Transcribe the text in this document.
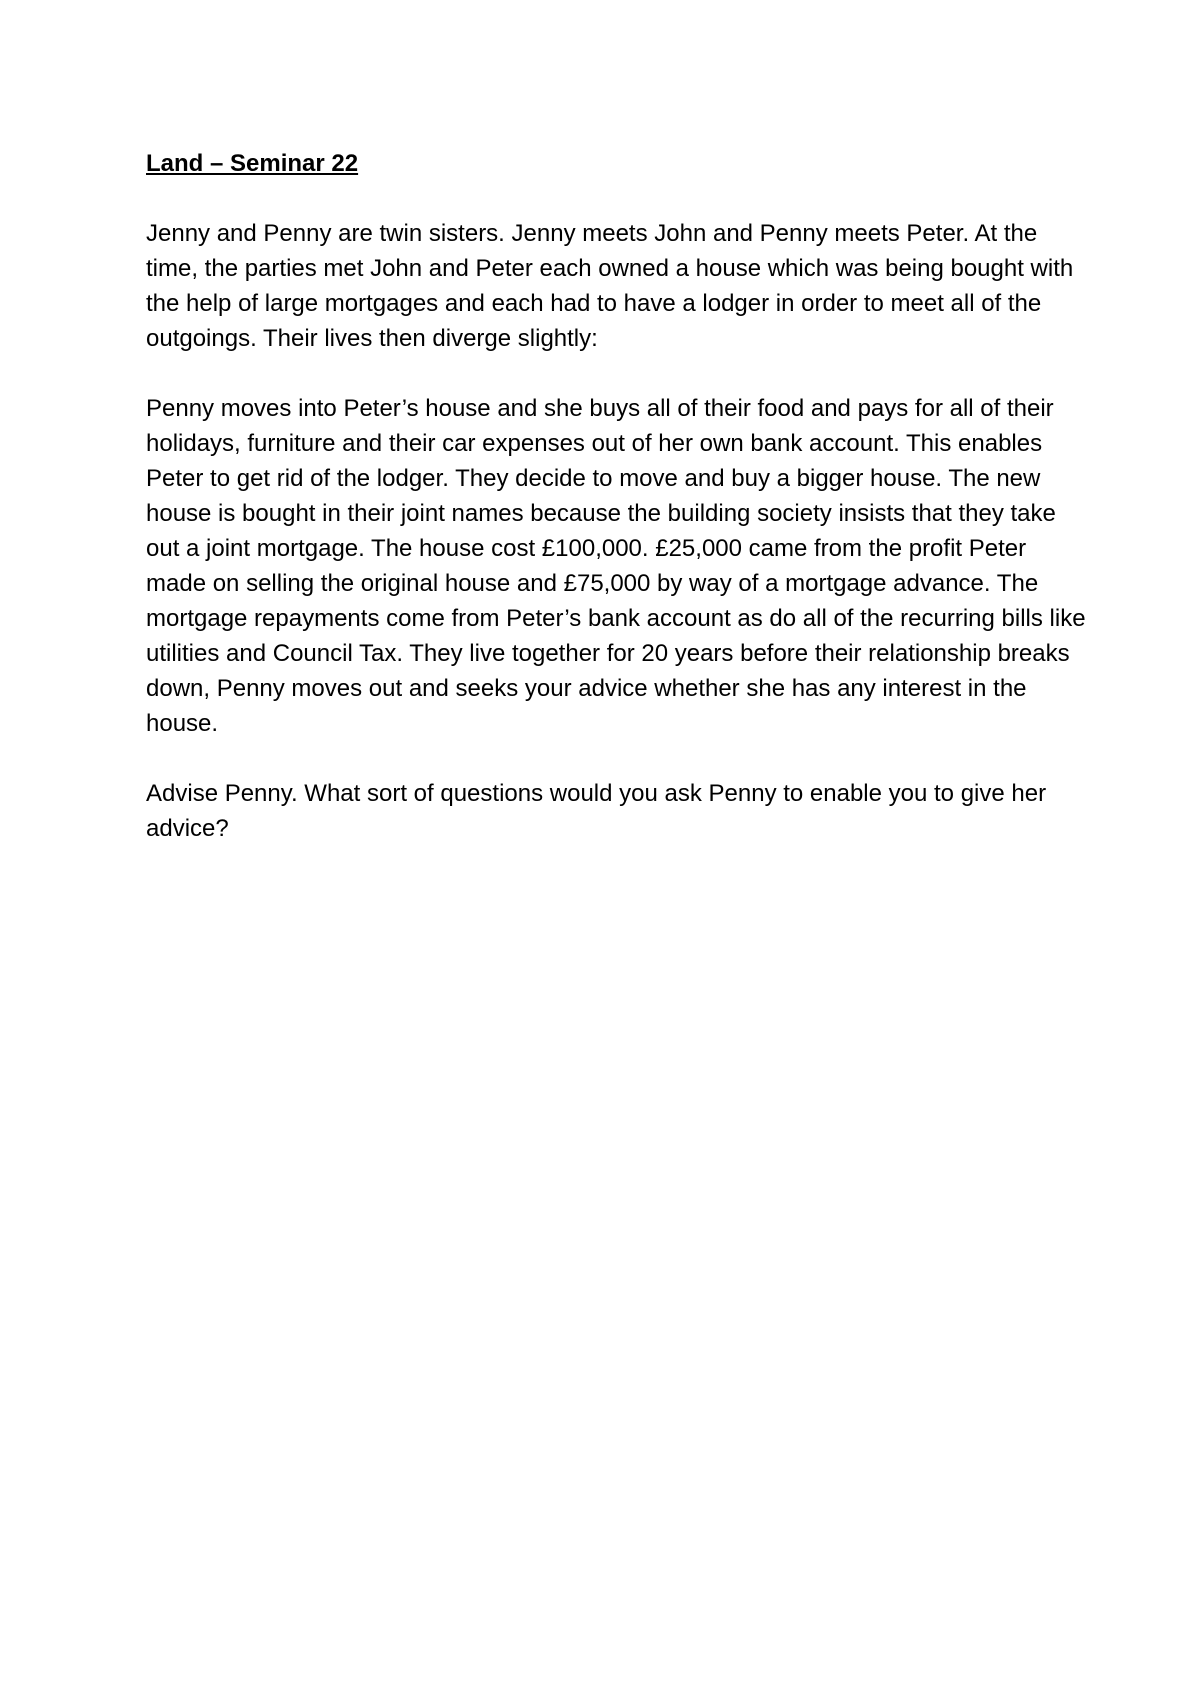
Land – Seminar 22

Jenny and Penny are twin sisters. Jenny meets John and Penny meets Peter. At the time, the parties met John and Peter each owned a house which was being bought with the help of large mortgages and each had to have a lodger in order to meet all of the outgoings. Their lives then diverge slightly:

Penny moves into Peter’s house and she buys all of their food and pays for all of their holidays, furniture and their car expenses out of her own bank account. This enables Peter to get rid of the lodger. They decide to move and buy a bigger house. The new house is bought in their joint names because the building society insists that they take out a joint mortgage. The house cost £100,000. £25,000 came from the profit Peter made on selling the original house and £75,000 by way of a mortgage advance. The mortgage repayments come from Peter’s bank account as do all of the recurring bills like utilities and Council Tax. They live together for 20 years before their relationship breaks down, Penny moves out and seeks your advice whether she has any interest in the house.

Advise Penny. What sort of questions would you ask Penny to enable you to give her advice?
